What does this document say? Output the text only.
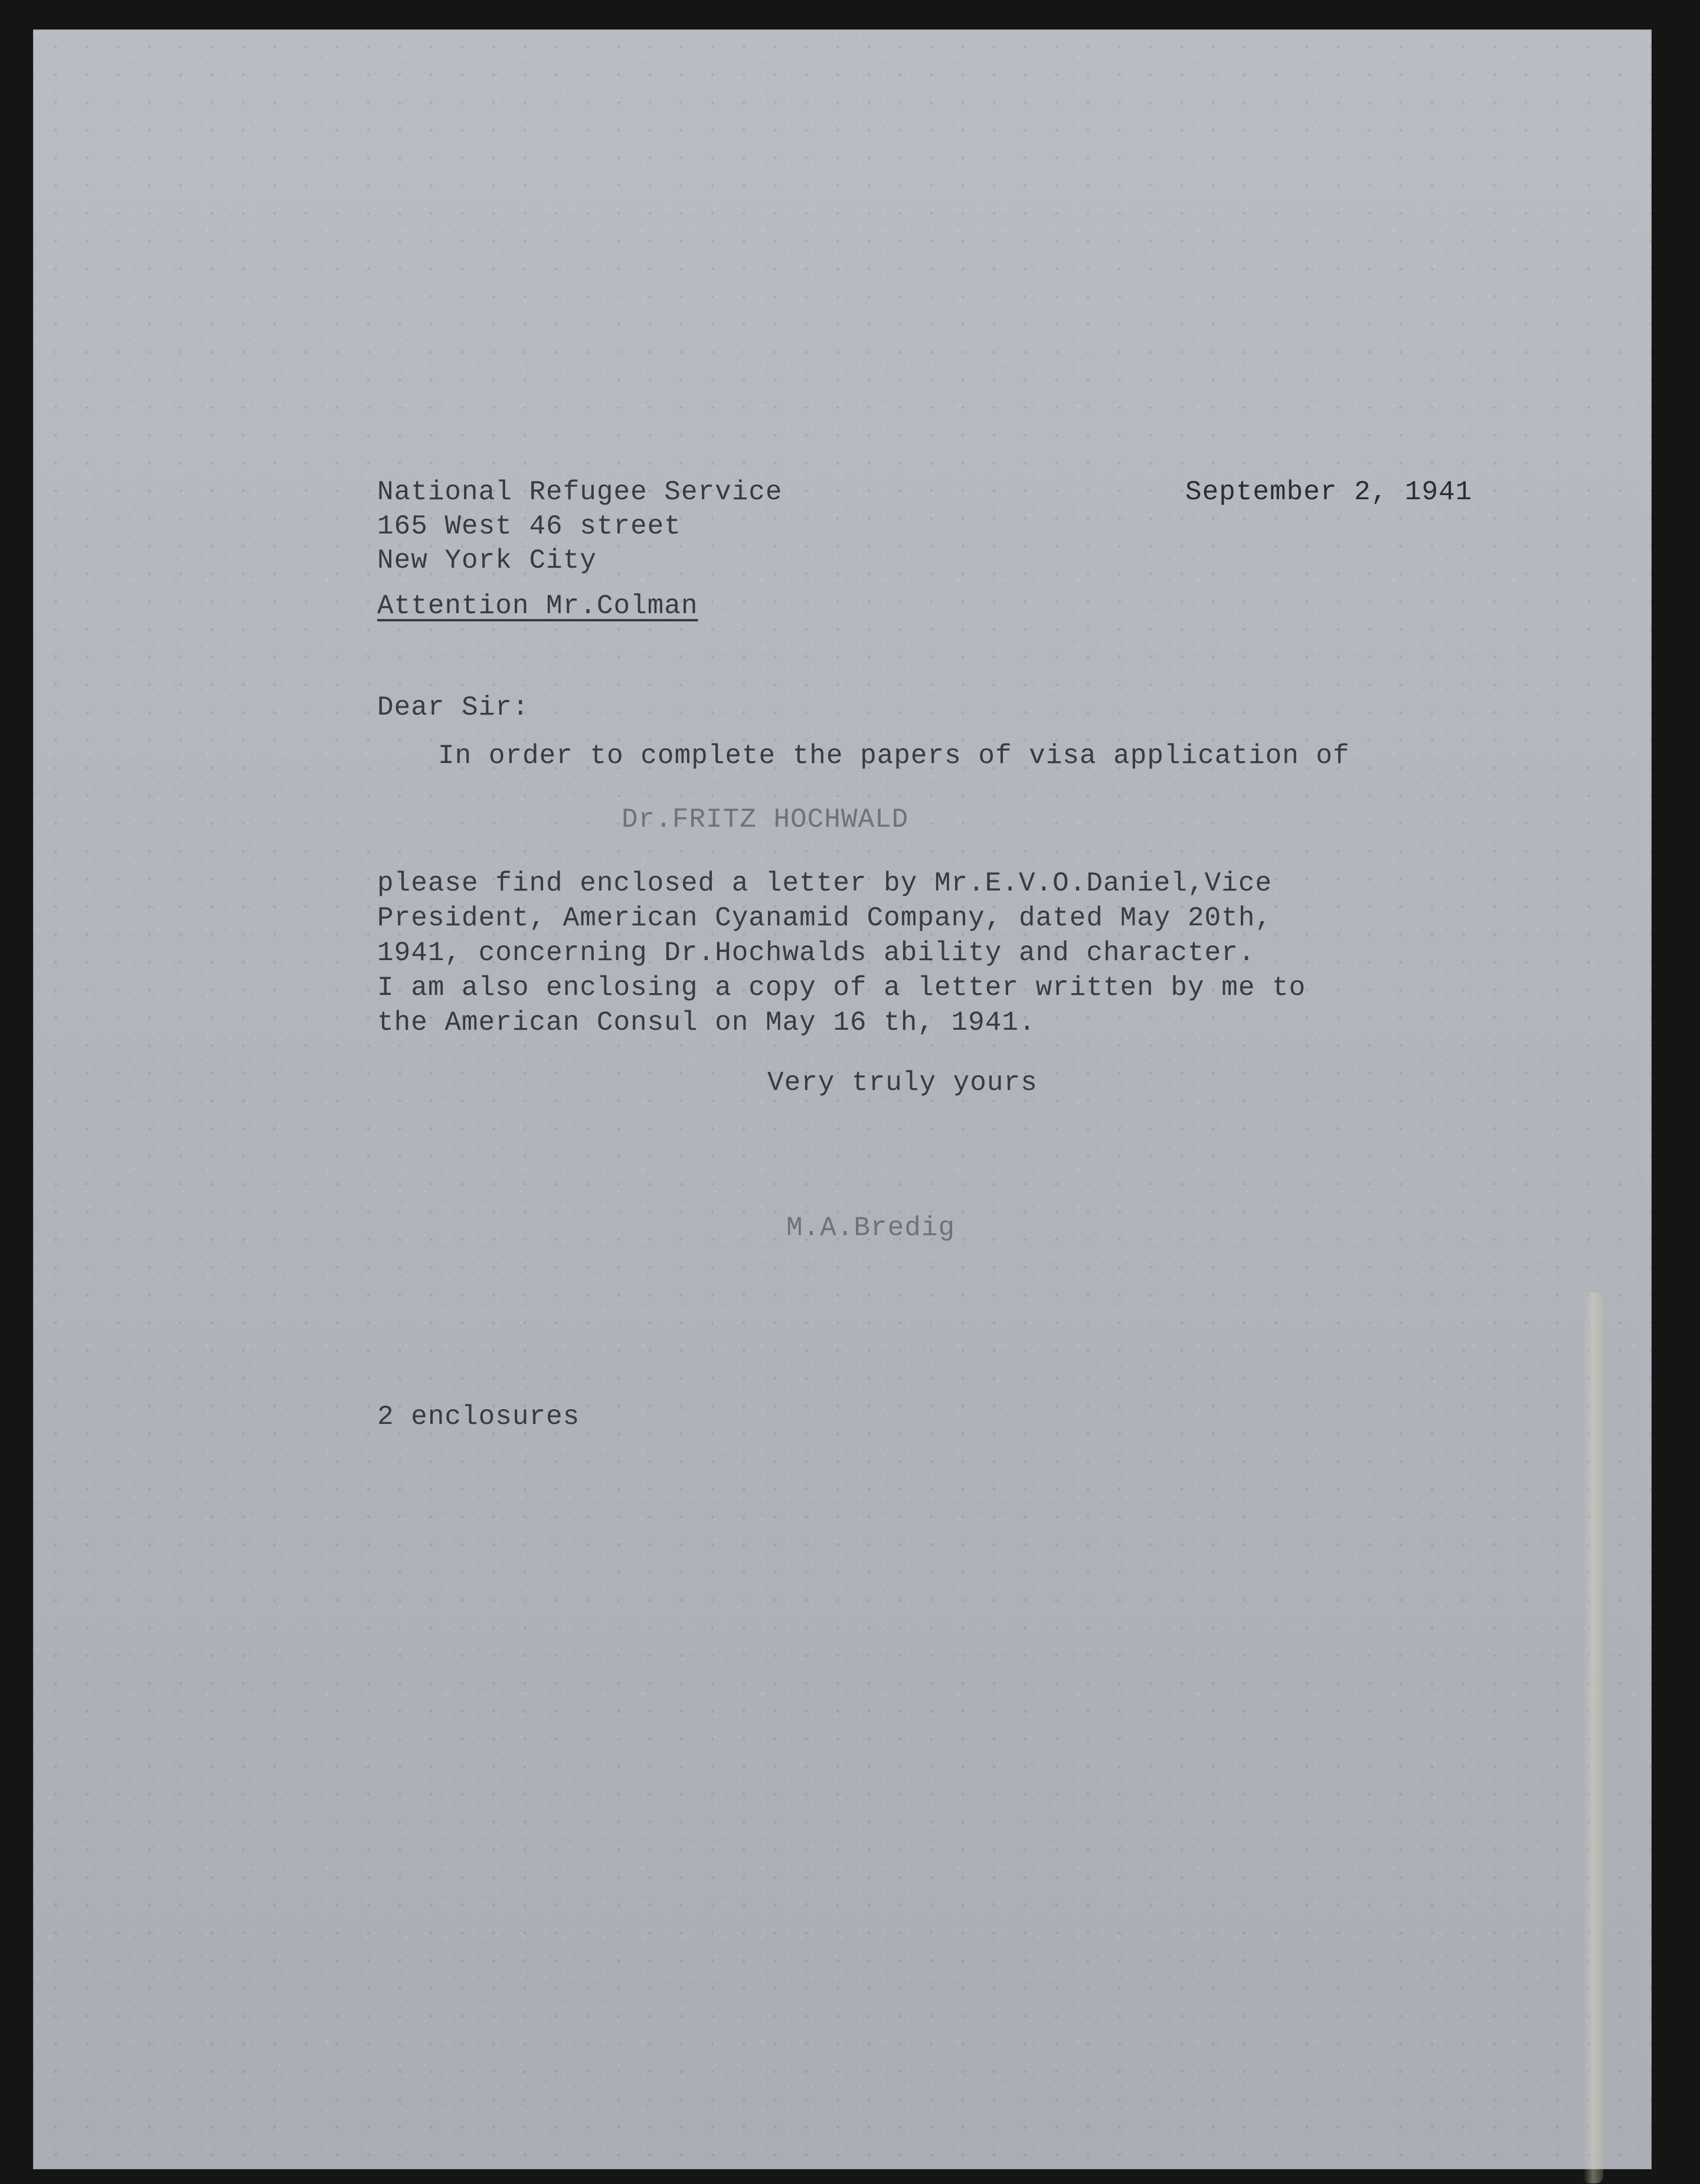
National Refugee Service
165 West 46 street
New York City
September 2, 1941
Attention Mr.Colman
Dear Sir:
In order to complete the papers of visa application of
Dr.FRITZ HOCHWALD
please find enclosed a letter by Mr.E.V.O.Daniel,Vice
President, American Cyanamid Company, dated May 20th,
1941, concerning Dr.Hochwalds ability and character.
I am also enclosing a copy of a letter written by me to
the American Consul on May 16 th, 1941.
Very truly yours
M.A.Bredig
2 enclosures
